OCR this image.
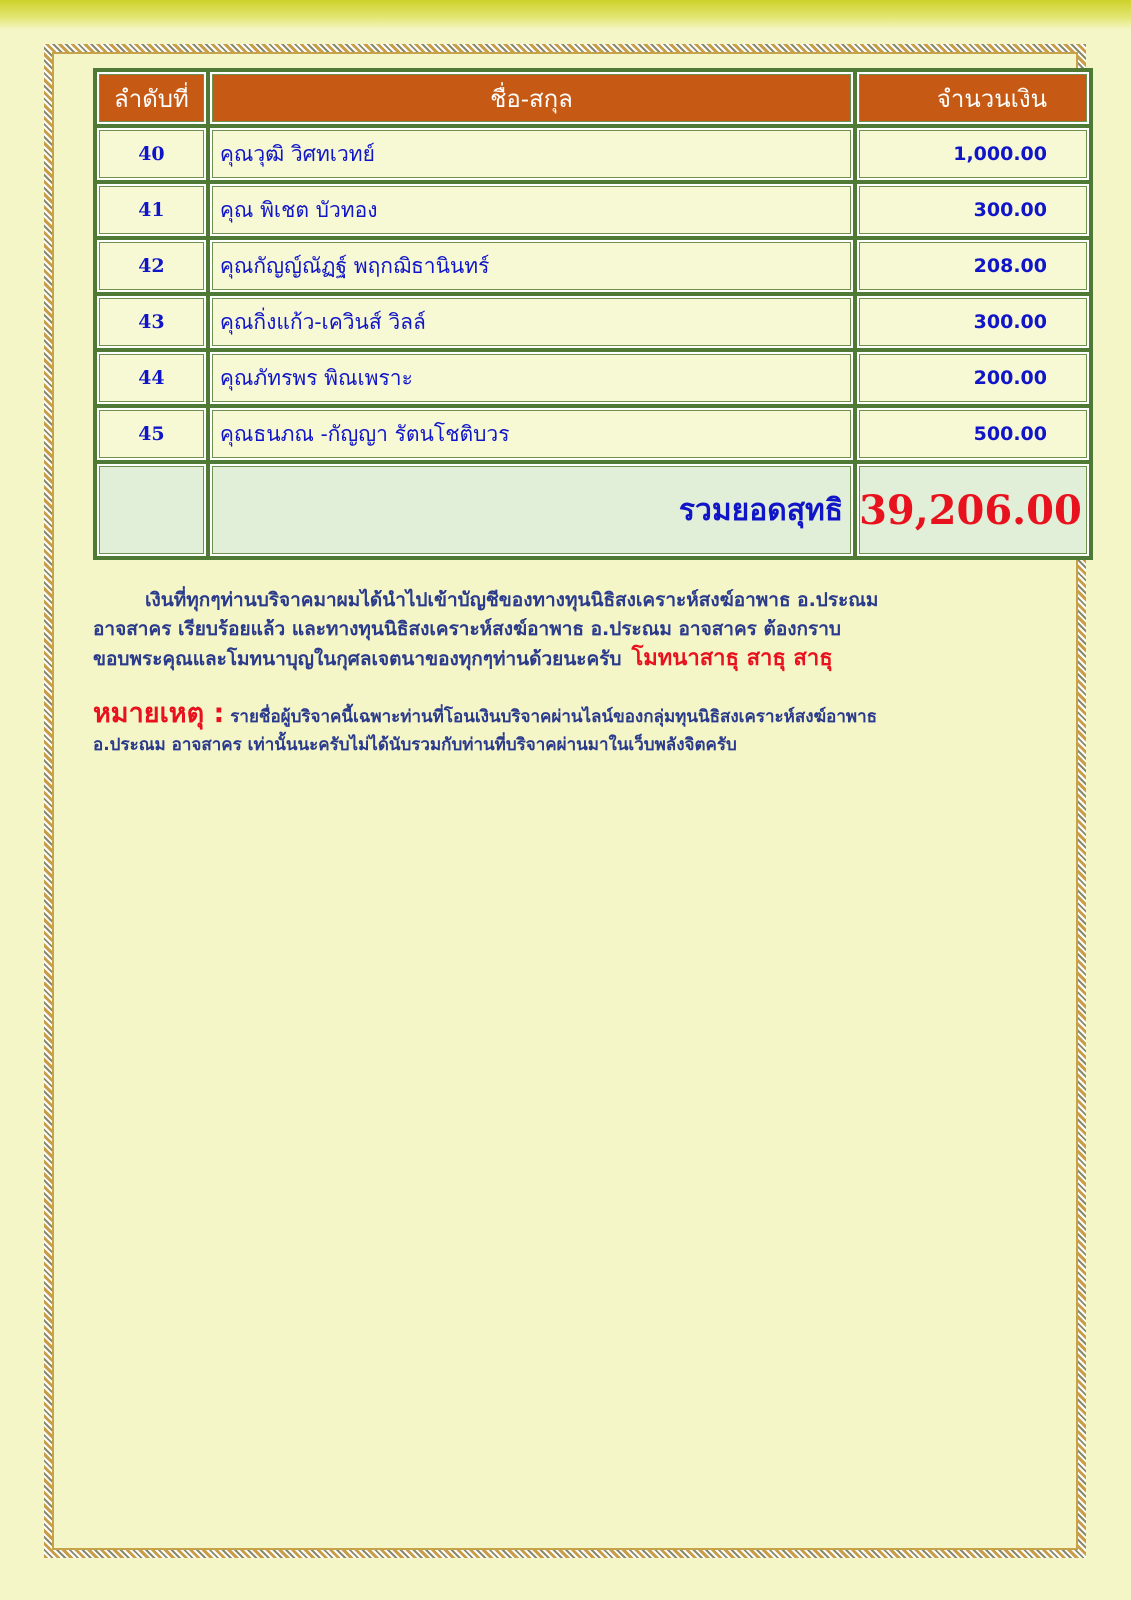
ลำดับที่	ชื่อ-สกุล	จำนวนเงิน
40	คุณวุฒิ วิศทเวทย์	1,000.00
41	คุณ พิเชต บัวทอง	300.00
42	คุณกัญญ์ณัฏฐ์ พฤกฌิธานินทร์	208.00
43	คุณกิ่งแก้ว-เควินส์ วิลล์	300.00
44	คุณภัทรพร พิณเพราะ	200.00
45	คุณธนภณ -กัญญา รัตนโชติบวร	500.00
	รวมยอดสุทธิ	39,206.00
เงินที่ทุกๆท่านบริจาคมาผมได้นำไปเข้าบัญชีของทางทุนนิธิสงเคราะห์สงฆ์อาพาธ อ.ประณม
อาจสาคร เรียบร้อยแล้ว และทางทุนนิธิสงเคราะห์สงฆ์อาพาธ อ.ประณม อาจสาคร ต้องกราบ
ขอบพระคุณและโมทนาบุญในกุศลเจตนาของทุกๆท่านด้วยนะครับ โมทนาสาธุ สาธุ สาธุ
หมายเหตุ : รายชื่อผู้บริจาคนี้เฉพาะท่านที่โอนเงินบริจาคผ่านไลน์ของกลุ่มทุนนิธิสงเคราะห์สงฆ์อาพาธ
อ.ประณม อาจสาคร เท่านั้นนะครับไม่ได้นับรวมกับท่านที่บริจาคผ่านมาในเว็บพลังจิตครับ
